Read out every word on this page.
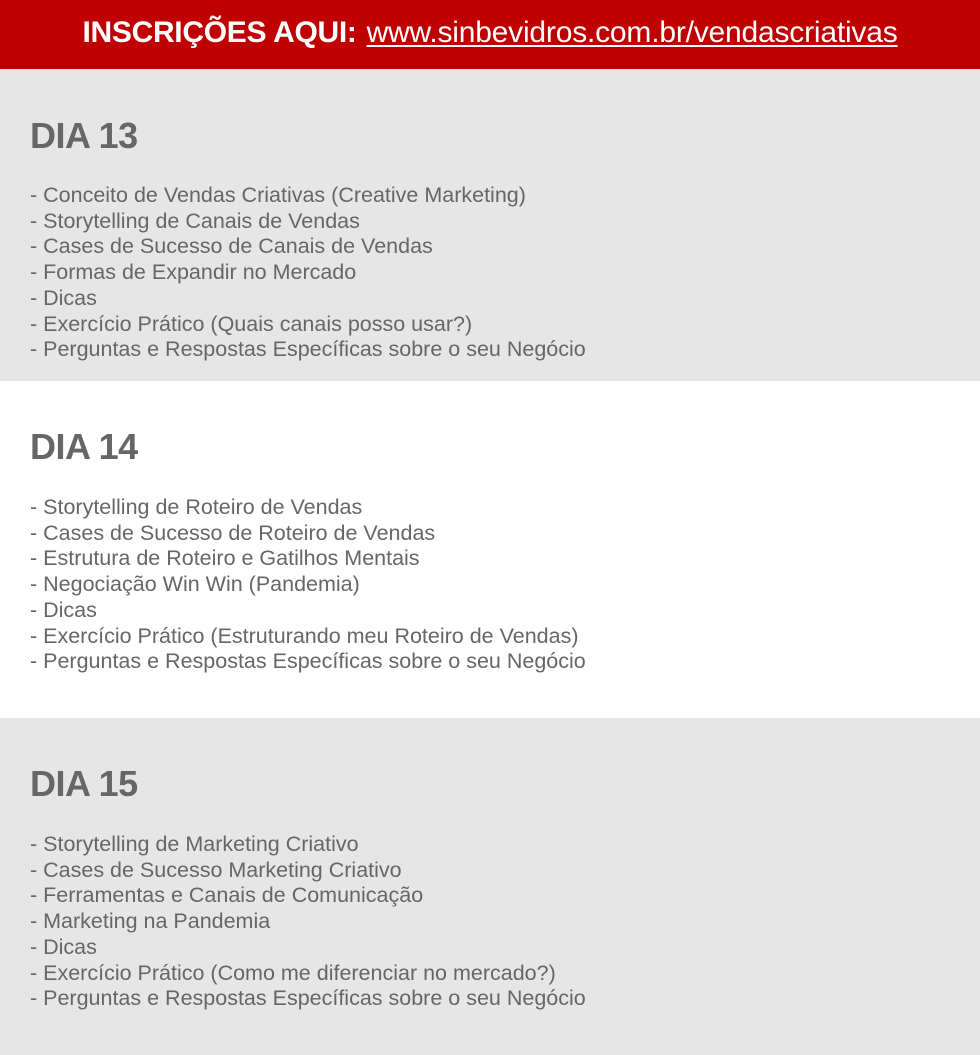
INSCRIÇÕES AQUI: www.sinbevidros.com.br/vendascriativas
DIA 13
- Conceito de Vendas Criativas (Creative Marketing)
- Storytelling de Canais de Vendas
- Cases de Sucesso de Canais de Vendas
- Formas de Expandir no Mercado
- Dicas
- Exercício Prático (Quais canais posso usar?)
- Perguntas e Respostas Específicas sobre o seu Negócio
DIA 14
- Storytelling de Roteiro de Vendas
- Cases de Sucesso de Roteiro de Vendas
- Estrutura de Roteiro e Gatilhos Mentais
- Negociação Win Win (Pandemia)
- Dicas
- Exercício Prático (Estruturando meu Roteiro de Vendas)
- Perguntas e Respostas Específicas sobre o seu Negócio
DIA 15
- Storytelling de Marketing Criativo
- Cases de Sucesso Marketing Criativo
- Ferramentas e Canais de Comunicação
- Marketing na Pandemia
- Dicas
- Exercício Prático (Como me diferenciar no mercado?)
- Perguntas e Respostas Específicas sobre o seu Negócio
